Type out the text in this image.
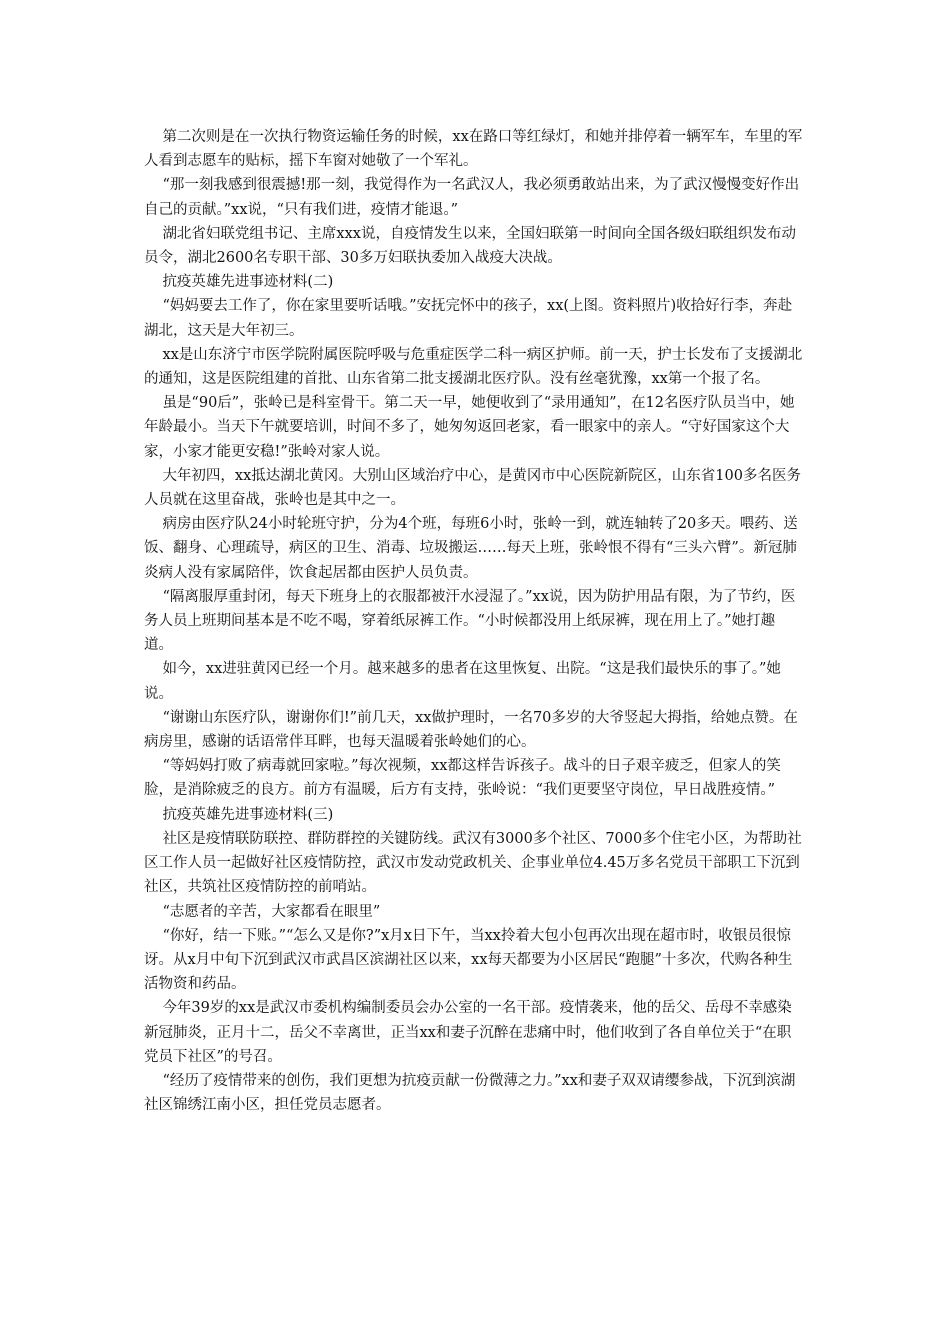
第二次则是在一次执行物资运输任务的时候，xx在路口等红绿灯，和她并排停着一辆军车，车里的军人看到志愿车的贴标，摇下车窗对她敬了一个军礼。

“那一刻我感到很震撼!那一刻，我觉得作为一名武汉人，我必须勇敢站出来，为了武汉慢慢变好作出自己的贡献。”xx说，“只有我们进，疫情才能退。”

湖北省妇联党组书记、主席xxx说，自疫情发生以来，全国妇联第一时间向全国各级妇联组织发布动员令，湖北2600名专职干部、30多万妇联执委加入战疫大决战。

抗疫英雄先进事迹材料(二)

“妈妈要去工作了，你在家里要听话哦。”安抚完怀中的孩子，xx(上图。资料照片)收拾好行李，奔赴湖北，这天是大年初三。

xx是山东济宁市医学院附属医院呼吸与危重症医学二科一病区护师。前一天，护士长发布了支援湖北的通知，这是医院组建的首批、山东省第二批支援湖北医疗队。没有丝毫犹豫，xx第一个报了名。

虽是“90后”，张岭已是科室骨干。第二天一早，她便收到了“录用通知”，在12名医疗队员当中，她年龄最小。当天下午就要培训，时间不多了，她匆匆返回老家，看一眼家中的亲人。“守好国家这个大家，小家才能更安稳!”张岭对家人说。

大年初四，xx抵达湖北黄冈。大别山区域治疗中心，是黄冈市中心医院新院区，山东省100多名医务人员就在这里奋战，张岭也是其中之一。

病房由医疗队24小时轮班守护，分为4个班，每班6小时，张岭一到，就连轴转了20多天。喂药、送饭、翻身、心理疏导，病区的卫生、消毒、垃圾搬运……每天上班，张岭恨不得有“三头六臂”。新冠肺炎病人没有家属陪伴，饮食起居都由医护人员负责。

“隔离服厚重封闭，每天下班身上的衣服都被汗水浸湿了。”xx说，因为防护用品有限，为了节约，医务人员上班期间基本是不吃不喝，穿着纸尿裤工作。“小时候都没用上纸尿裤，现在用上了。”她打趣道。

如今，xx进驻黄冈已经一个月。越来越多的患者在这里恢复、出院。“这是我们最快乐的事了。”她说。

“谢谢山东医疗队，谢谢你们!”前几天，xx做护理时，一名70多岁的大爷竖起大拇指，给她点赞。在病房里，感谢的话语常伴耳畔，也每天温暖着张岭她们的心。

“等妈妈打败了病毒就回家啦。”每次视频，xx都这样告诉孩子。战斗的日子艰辛疲乏，但家人的笑脸，是消除疲乏的良方。前方有温暖，后方有支持，张岭说：“我们更要坚守岗位，早日战胜疫情。”

抗疫英雄先进事迹材料(三)

社区是疫情联防联控、群防群控的关键防线。武汉有3000多个社区、7000多个住宅小区，为帮助社区工作人员一起做好社区疫情防控，武汉市发动党政机关、企事业单位4.45万多名党员干部职工下沉到社区，共筑社区疫情防控的前哨站。

“志愿者的辛苦，大家都看在眼里”

“你好，结一下账。”“怎么又是你?”x月x日下午，当xx拎着大包小包再次出现在超市时，收银员很惊讶。从x月中旬下沉到武汉市武昌区滨湖社区以来，xx每天都要为小区居民“跑腿”十多次，代购各种生活物资和药品。

今年39岁的xx是武汉市委机构编制委员会办公室的一名干部。疫情袭来，他的岳父、岳母不幸感染新冠肺炎，正月十二，岳父不幸离世，正当xx和妻子沉醉在悲痛中时，他们收到了各自单位关于“在职党员下社区”的号召。

“经历了疫情带来的创伤，我们更想为抗疫贡献一份微薄之力。”xx和妻子双双请缨参战，下沉到滨湖社区锦绣江南小区，担任党员志愿者。
